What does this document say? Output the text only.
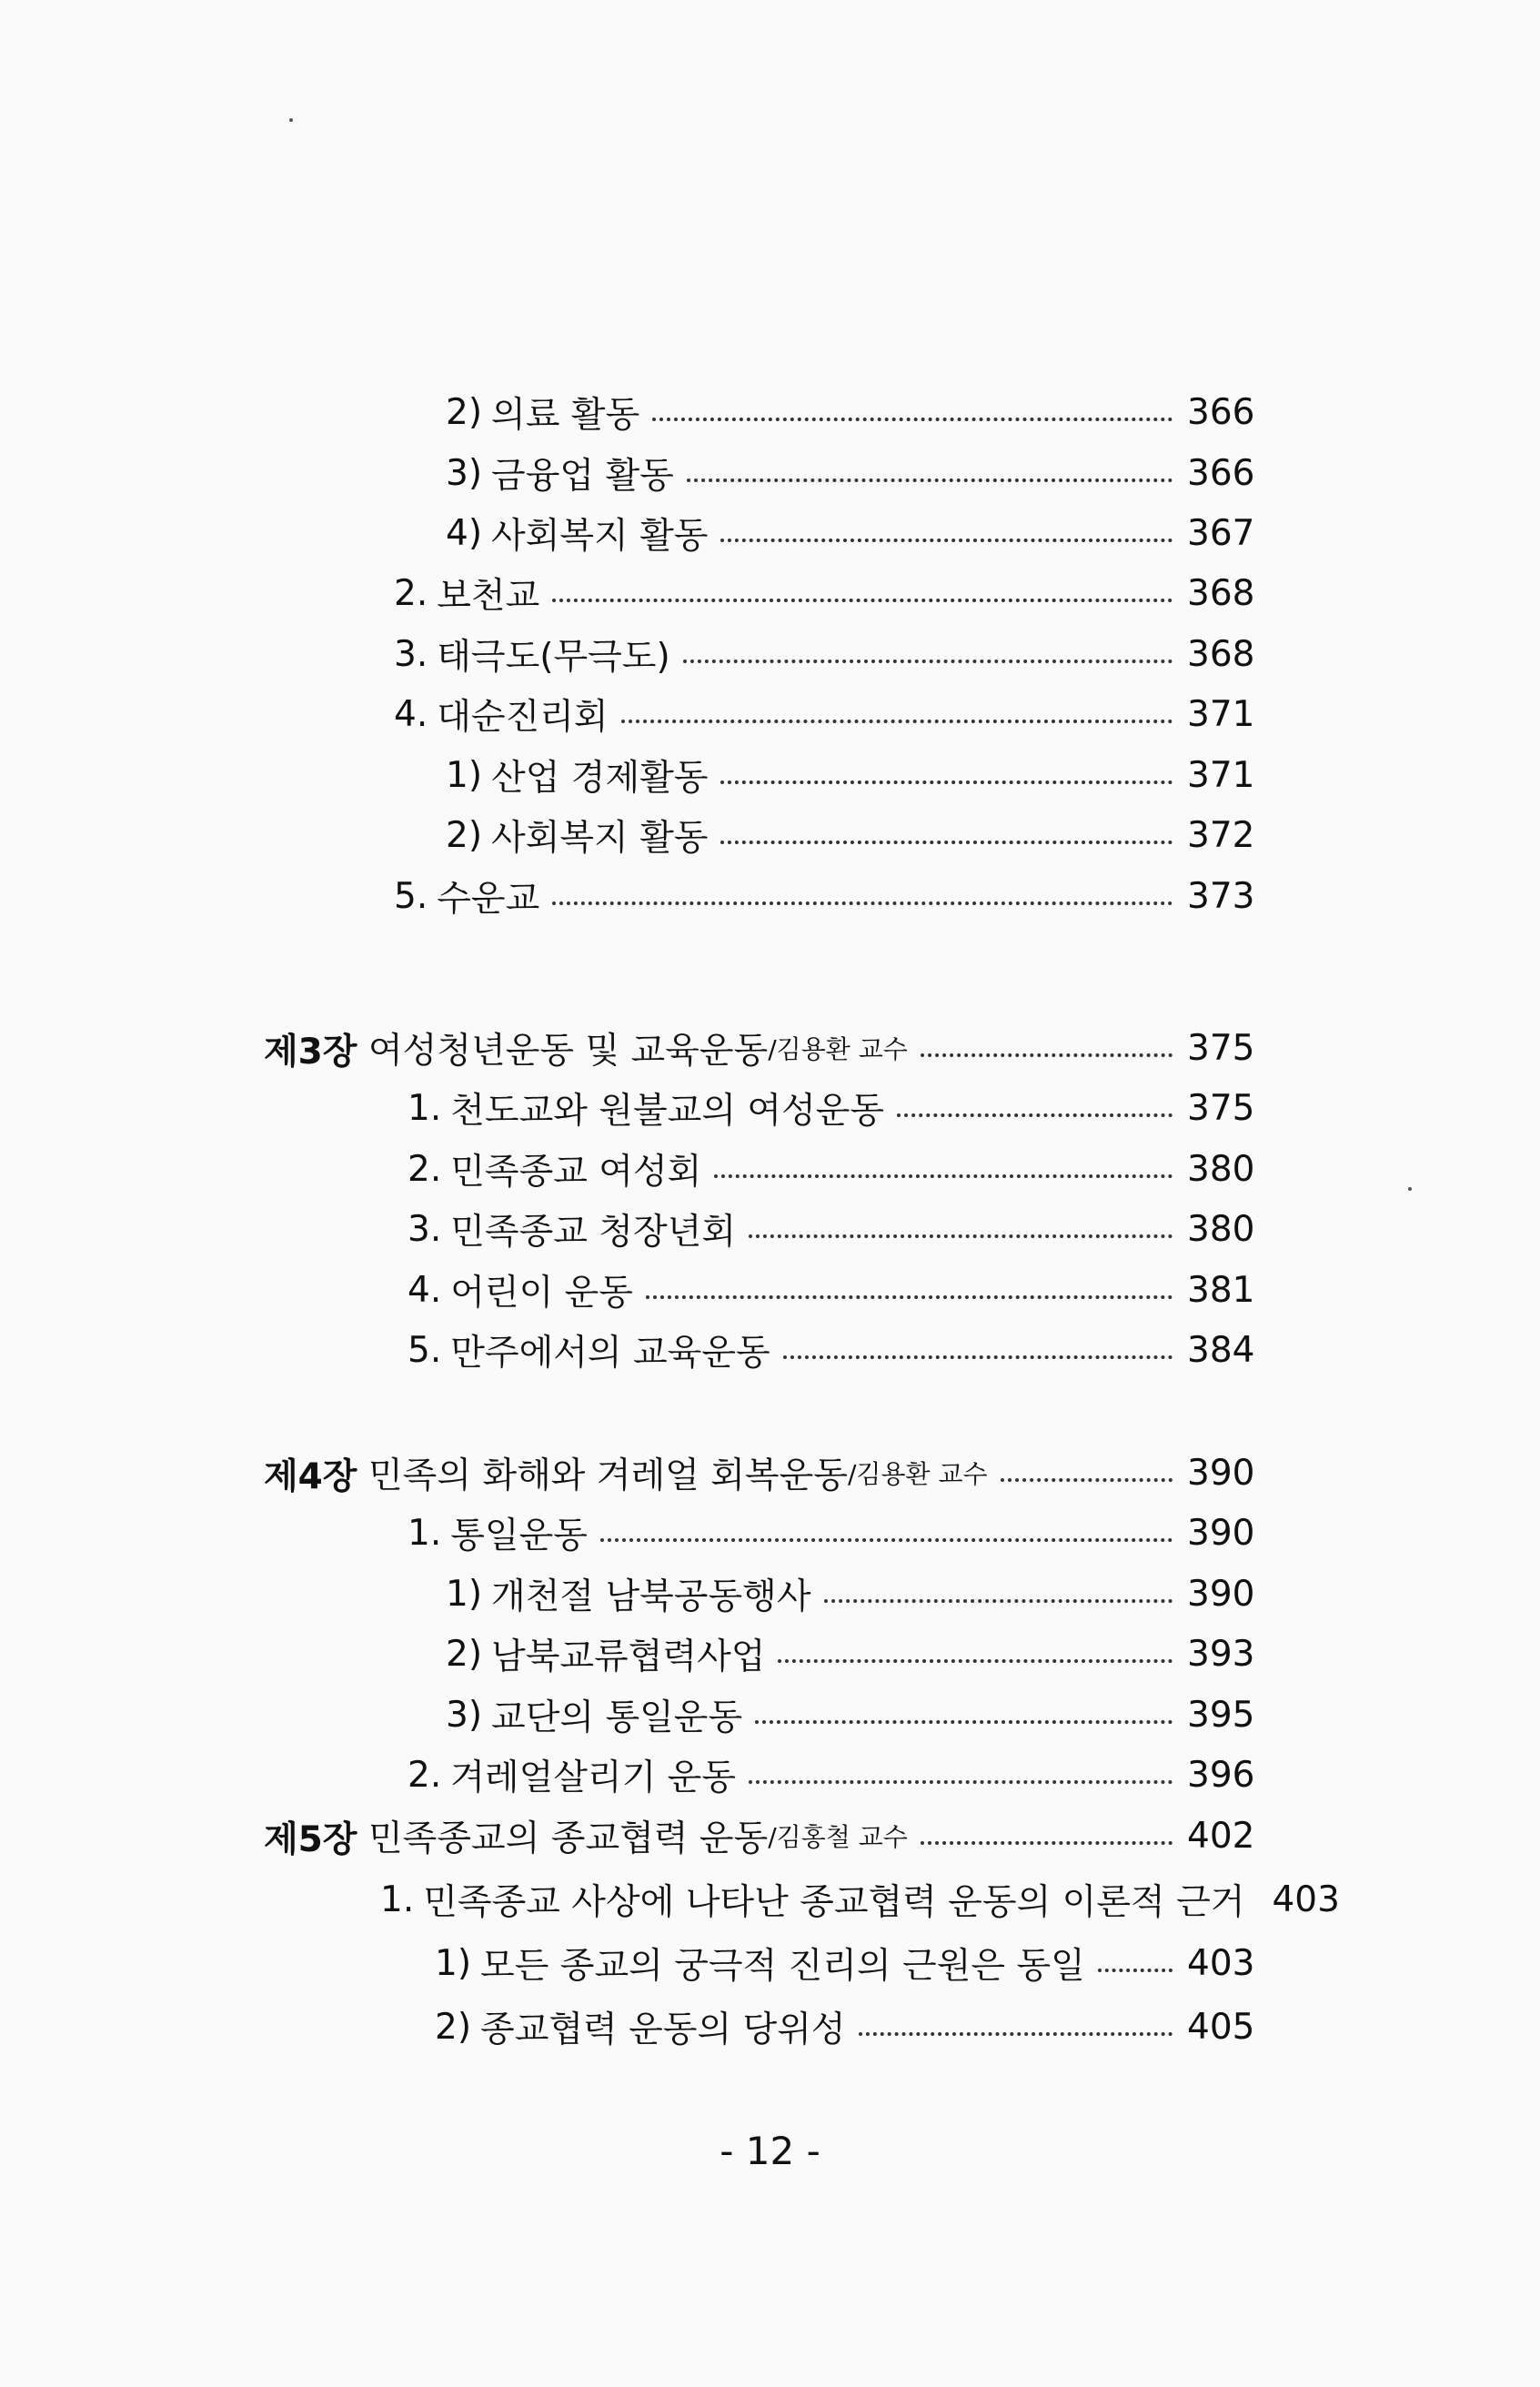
2) 의료 활동	366
3) 금융업 활동	366
4) 사회복지 활동	367
2. 보천교	368
3. 태극도(무극도)	368
4. 대순진리회	371
1) 산업 경제활동	371
2) 사회복지 활동	372
5. 수운교	373
제3장 여성청년운동 및 교육운동 /김용환 교수	375
1. 천도교와 원불교의 여성운동	375
2. 민족종교 여성회	380
3. 민족종교 청장년회	380
4. 어린이 운동	381
5. 만주에서의 교육운동	384
제4장 민족의 화해와 겨레얼 회복운동 /김용환 교수	390
1. 통일운동	390
1) 개천절 남북공동행사	390
2) 남북교류협력사업	393
3) 교단의 통일운동	395
2. 겨레얼살리기 운동	396
제5장 민족종교의 종교협력 운동 /김홍철 교수	402
1. 민족종교 사상에 나타난 종교협력 운동의 이론적 근거 403
1) 모든 종교의 궁극적 진리의 근원은 동일	403
2) 종교협력 운동의 당위성	405
- 12 -
